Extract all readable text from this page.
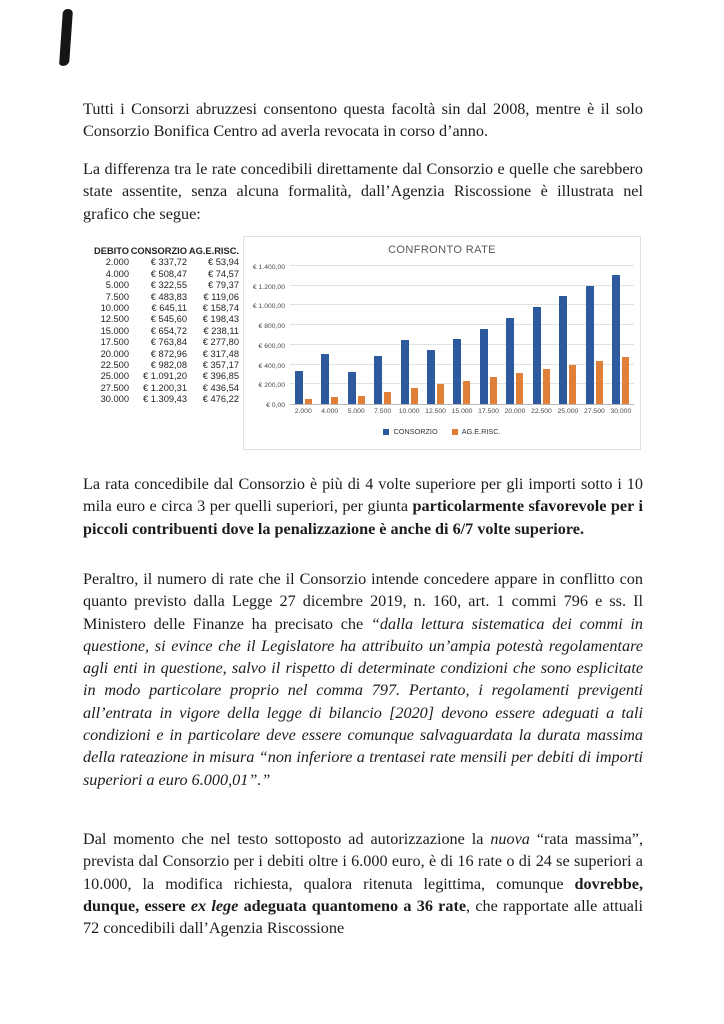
Tutti i Consorzi abruzzesi consentono questa facoltà sin dal 2008, mentre è il solo Consorzio Bonifica Centro ad averla revocata in corso d’anno.

La differenza tra le rate concedibili direttamente dal Consorzio e quelle che sarebbero state assentite, senza alcuna formalità, dall’Agenzia Riscossione è illustrata nel grafico che segue:

DEBITO CONSORZIO AG.E.RISC.
2.000	€ 337,72	€ 53,94
4.000	€ 508,47	€ 74,57
5.000	€ 322,55	€ 79,37
7.500	€ 483,83	€ 119,06
10.000	€ 645,11	€ 158,74
12.500	€ 545,60	€ 198,43
15.000	€ 654,72	€ 238,11
17.500	€ 763,84	€ 277,80
20.000	€ 872,96	€ 317,48
22.500	€ 982,08	€ 357,17
25.000	€ 1.091,20	€ 396,85
27.500	€ 1.200,31	€ 436,54
30.000	€ 1.309,43	€ 476,22
CONFRONTO RATE
€ 0,00
€ 200,00
€ 400,00
€ 600,00
€ 800,00
€ 1.000,00
€ 1.200,00
€ 1.400,00
2.000	4.000	5.000	7.500	10.000 12.500 15.000 17.500 20.000 22.500 25.000 27.500 30.000
CONSORZIO	AG.E.RISC.

La rata concedibile dal Consorzio è più di 4 volte superiore per gli importi sotto i 10 mila euro e circa 3 per quelli superiori, per giunta particolarmente sfavorevole per i piccoli contribuenti dove la penalizzazione è anche di 6/7 volte superiore.

Peraltro, il numero di rate che il Consorzio intende concedere appare in conflitto con quanto previsto dalla Legge 27 dicembre 2019, n. 160, art. 1 commi 796 e ss. Il Ministero delle Finanze ha precisato che “dalla lettura sistematica dei commi in questione, si evince che il Legislatore ha attribuito un’ampia potestà regolamentare agli enti in questione, salvo il rispetto di determinate condizioni che sono esplicitate in modo particolare proprio nel comma 797. Pertanto, i regolamenti previgenti all’entrata in vigore della legge di bilancio [2020] devono essere adeguati a tali condizioni e in particolare deve essere comunque salvaguardata la durata massima della rateazione in misura “non inferiore a trentasei rate mensili per debiti di importi superiori a euro 6.000,01”.”

Dal momento che nel testo sottoposto ad autorizzazione la nuova “rata massima”, prevista dal Consorzio per i debiti oltre i 6.000 euro, è di 16 rate o di 24 se superiori a 10.000, la modifica richiesta, qualora ritenuta legittima, comunque dovrebbe, dunque, essere ex lege adeguata quantomeno a 36 rate, che rapportate alle attuali 72 concedibili dall’Agenzia Riscossione
